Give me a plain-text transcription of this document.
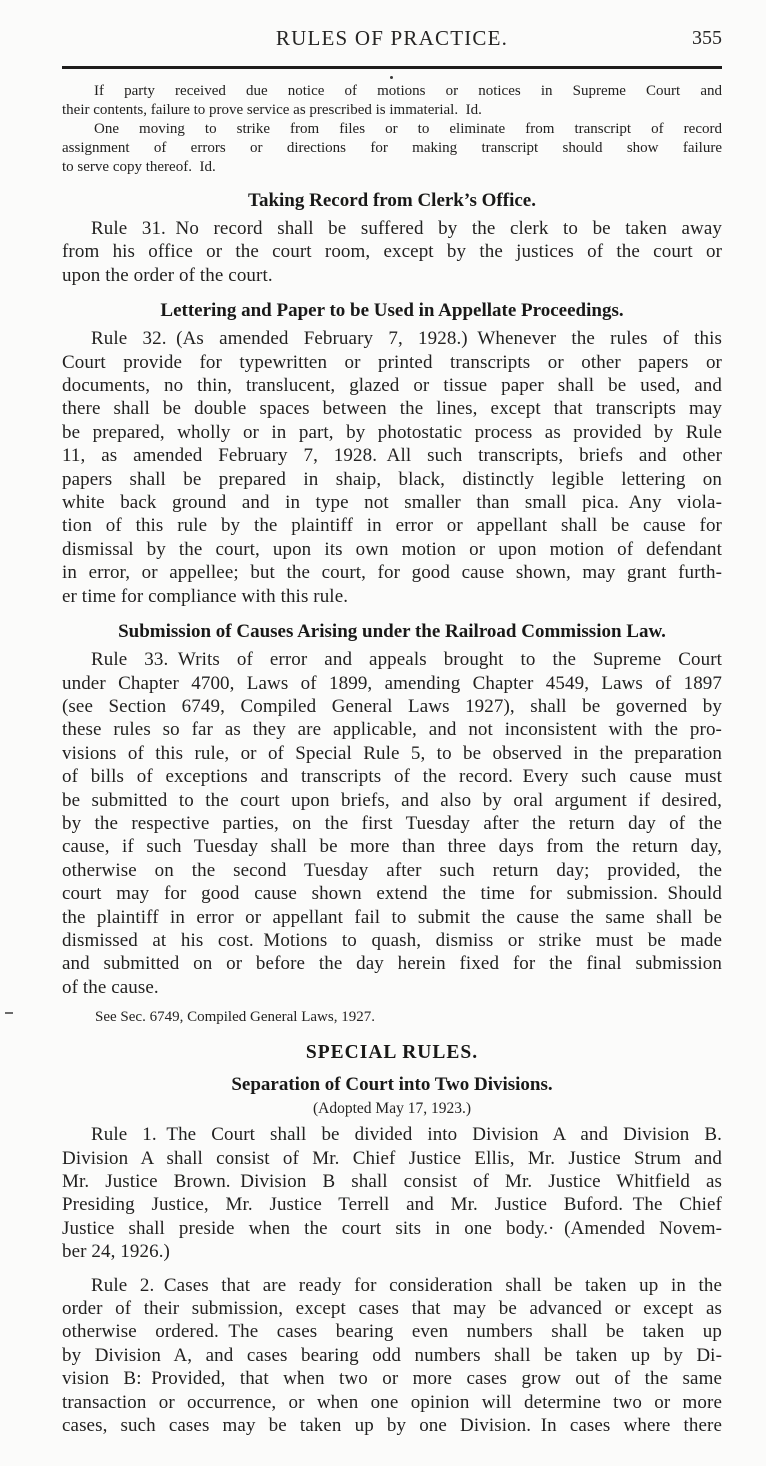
RULES OF PRACTICE.	355
If party received due notice of motions or notices in Supreme Court and
their contents, failure to prove service as prescribed is immaterial. Id.
One moving to strike from files or to eliminate from transcript of record
assignment of errors or directions for making transcript should show failure
to serve copy thereof. Id.
Taking Record from Clerk’s Office.
Rule 31. No record shall be suffered by the clerk to be taken away
from his office or the court room, except by the justices of the court or
upon the order of the court.
Lettering and Paper to be Used in Appellate Proceedings.
Rule 32. (As amended February 7, 1928.) Whenever the rules of this
Court provide for typewritten or printed transcripts or other papers or
documents, no thin, translucent, glazed or tissue paper shall be used, and
there shall be double spaces between the lines, except that transcripts may
be prepared, wholly or in part, by photostatic process as provided by Rule
11, as amended February 7, 1928. All such transcripts, briefs and other
papers shall be prepared in shaip, black, distinctly legible lettering on
white back ground and in type not smaller than small pica. Any viola-
tion of this rule by the plaintiff in error or appellant shall be cause for
dismissal by the court, upon its own motion or upon motion of defendant
in error, or appellee; but the court, for good cause shown, may grant furth-
er time for compliance with this rule.
Submission of Causes Arising under the Railroad Commission Law.
Rule 33. Writs of error and appeals brought to the Supreme Court
under Chapter 4700, Laws of 1899, amending Chapter 4549, Laws of 1897
(see Section 6749, Compiled General Laws 1927), shall be governed by
these rules so far as they are applicable, and not inconsistent with the pro-
visions of this rule, or of Special Rule 5, to be observed in the preparation
of bills of exceptions and transcripts of the record. Every such cause must
be submitted to the court upon briefs, and also by oral argument if desired,
by the respective parties, on the first Tuesday after the return day of the
cause, if such Tuesday shall be more than three days from the return day,
otherwise on the second Tuesday after such return day; provided, the
court may for good cause shown extend the time for submission. Should
the plaintiff in error or appellant fail to submit the cause the same shall be
dismissed at his cost. Motions to quash, dismiss or strike must be made
and submitted on or before the day herein fixed for the final submission
of the cause.
See Sec. 6749, Compiled General Laws, 1927.
SPECIAL RULES.
Separation of Court into Two Divisions.
(Adopted May 17, 1923.)
Rule 1. The Court shall be divided into Division A and Division B.
Division A shall consist of Mr. Chief Justice Ellis, Mr. Justice Strum and
Mr. Justice Brown. Division B shall consist of Mr. Justice Whitfield as
Presiding Justice, Mr. Justice Terrell and Mr. Justice Buford. The Chief
Justice shall preside when the court sits in one body.· (Amended Novem-
ber 24, 1926.)
Rule 2. Cases that are ready for consideration shall be taken up in the
order of their submission, except cases that may be advanced or except as
otherwise ordered. The cases bearing even numbers shall be taken up
by Division A, and cases bearing odd numbers shall be taken up by Di-
vision B: Provided, that when two or more cases grow out of the same
transaction or occurrence, or when one opinion will determine two or more
cases, such cases may be taken up by one Division. In cases where there
